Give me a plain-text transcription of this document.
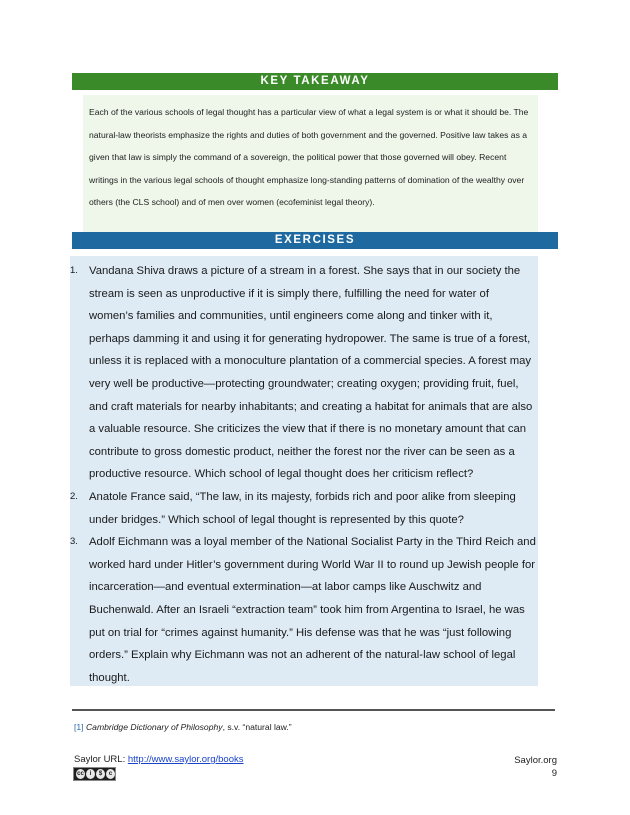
KEY TAKEAWAY
Each of the various schools of legal thought has a particular view of what a legal system is or what it should be. The natural-law theorists emphasize the rights and duties of both government and the governed. Positive law takes as a given that law is simply the command of a sovereign, the political power that those governed will obey. Recent writings in the various legal schools of thought emphasize long-standing patterns of domination of the wealthy over others (the CLS school) and of men over women (ecofeminist legal theory).
EXERCISES
1. Vandana Shiva draws a picture of a stream in a forest. She says that in our society the stream is seen as unproductive if it is simply there, fulfilling the need for water of women’s families and communities, until engineers come along and tinker with it, perhaps damming it and using it for generating hydropower. The same is true of a forest, unless it is replaced with a monoculture plantation of a commercial species. A forest may very well be productive—protecting groundwater; creating oxygen; providing fruit, fuel, and craft materials for nearby inhabitants; and creating a habitat for animals that are also a valuable resource. She criticizes the view that if there is no monetary amount that can contribute to gross domestic product, neither the forest nor the river can be seen as a productive resource. Which school of legal thought does her criticism reflect?
2. Anatole France said, “The law, in its majesty, forbids rich and poor alike from sleeping under bridges.” Which school of legal thought is represented by this quote?
3. Adolf Eichmann was a loyal member of the National Socialist Party in the Third Reich and worked hard under Hitler’s government during World War II to round up Jewish people for incarceration—and eventual extermination—at labor camps like Auschwitz and Buchenwald. After an Israeli “extraction team” took him from Argentina to Israel, he was put on trial for “crimes against humanity.” His defense was that he was “just following orders.” Explain why Eichmann was not an adherent of the natural-law school of legal thought.
[1] Cambridge Dictionary of Philosophy, s.v. “natural law.”
Saylor URL: http://www.saylor.org/books
cc i	$	c
Saylor.org
9
